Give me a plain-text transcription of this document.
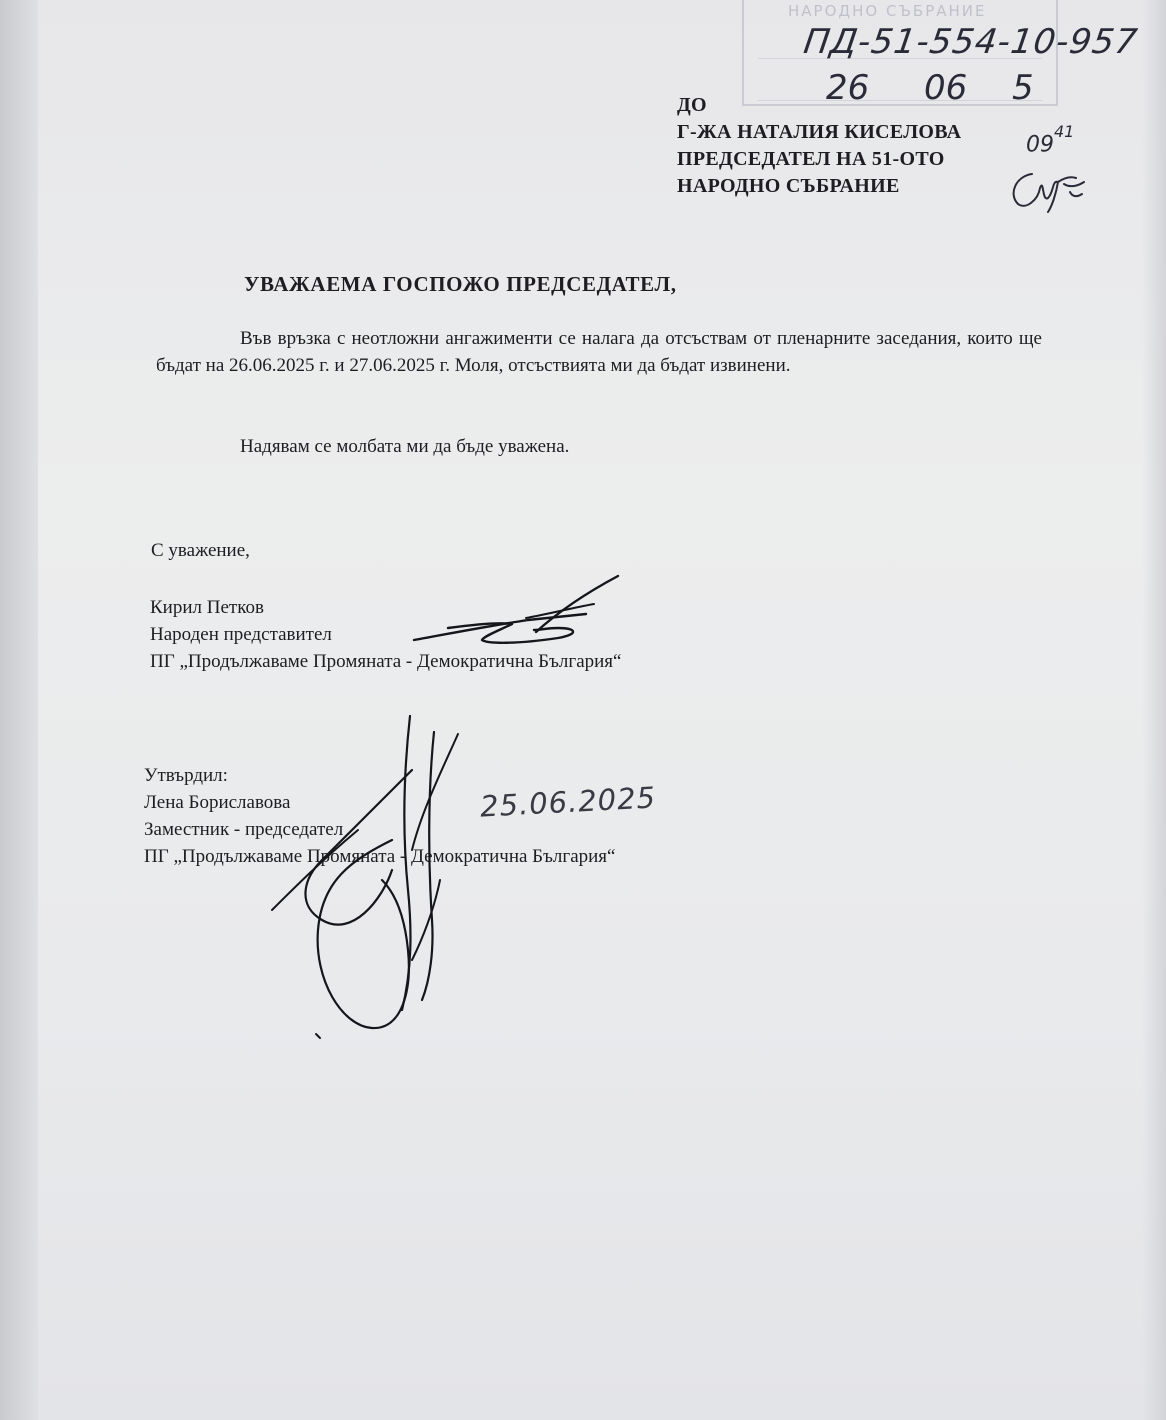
НАРОДНО СЪБРАНИЕ
ПД-51-554-10-957
26 06 5
$09^{41}$
ДО
Г-ЖА НАТАЛИЯ КИСЕЛОВА
ПРЕДСЕДАТЕЛ НА 51-ОТО
НАРОДНО СЪБРАНИЕ
УВАЖАЕМА ГОСПОЖО ПРЕДСЕДАТЕЛ,
Във връзка с неотложни ангажименти се налага да отсъствам от пленарните заседания, които ще бъдат на 26.06.2025 г. и 27.06.2025 г. Моля, отсъствията ми да бъдат извинени.
Надявам се молбата ми да бъде уважена.
С уважение,
Кирил Петков
Народен представител
ПГ „Продължаваме Промяната - Демократична България“
Утвърдил:
Лена Бориславова
Заместник - председател
ПГ „Продължаваме Промяната - Демократична България“
25.06.2025
